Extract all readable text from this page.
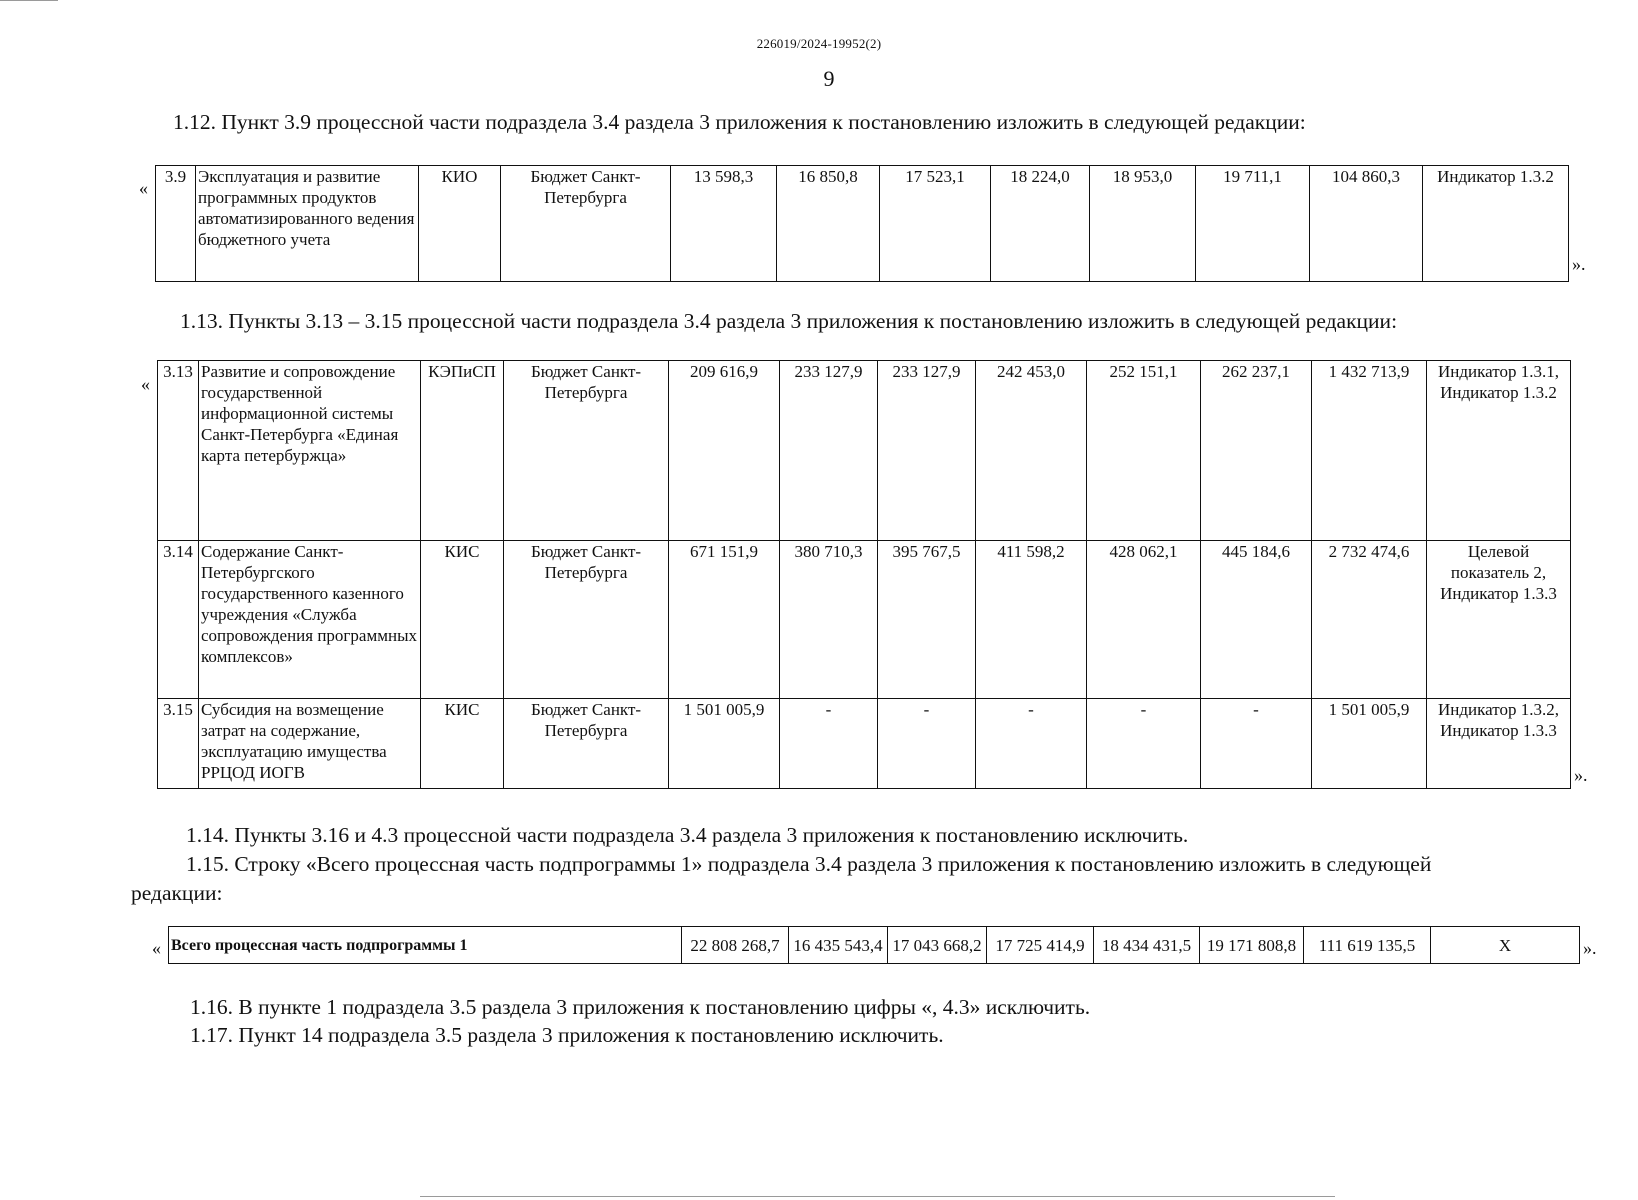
226019/2024-19952(2)
9
1.12. Пункт 3.9 процессной части подраздела 3.4 раздела 3 приложения к постановлению изложить в следующей редакции:
«
3.9	Эксплуатация и развитие программных продуктов автоматизированного ведения бюджетного учета	КИО	Бюджет Санкт-Петербурга	13 598,3	16 850,8	17 523,1	18 224,0	18 953,0	19 711,1	104 860,3	Индикатор 1.3.2
».
1.13. Пункты 3.13 – 3.15 процессной части подраздела 3.4 раздела 3 приложения к постановлению изложить в следующей редакции:
«
3.13	Развитие и сопровождение государственной информационной системы Санкт-Петербурга «Единая карта петербуржца»	КЭПиСП	Бюджет Санкт-Петербурга	209 616,9	233 127,9	233 127,9	242 453,0	252 151,1	262 237,1	1 432 713,9	Индикатор 1.3.1, Индикатор 1.3.2
3.14	Содержание Санкт-Петербургского государственного казенного учреждения «Служба сопровождения программных комплексов»	КИС	Бюджет Санкт-Петербурга	671 151,9	380 710,3	395 767,5	411 598,2	428 062,1	445 184,6	2 732 474,6	Целевой показатель 2, Индикатор 1.3.3
3.15	Субсидия на возмещение затрат на содержание, эксплуатацию имущества РРЦОД ИОГВ	КИС	Бюджет Санкт-Петербурга	1 501 005,9	-	-	-	-	-	1 501 005,9	Индикатор 1.3.2, Индикатор 1.3.3
».
1.14. Пункты 3.16 и 4.3 процессной части подраздела 3.4 раздела 3 приложения к постановлению исключить.
1.15. Строку «Всего процессная часть подпрограммы 1» подраздела 3.4 раздела 3 приложения к постановлению изложить в следующей
редакции:
« Всего процессная часть подпрограммы 1	22 808 268,7	16 435 543,4	17 043 668,2	17 725 414,9	18 434 431,5	19 171 808,8	111 619 135,5	Х	».
1.16. В пункте 1 подраздела 3.5 раздела 3 приложения к постановлению цифры «, 4.3» исключить.
1.17. Пункт 14 подраздела 3.5 раздела 3 приложения к постановлению исключить.
